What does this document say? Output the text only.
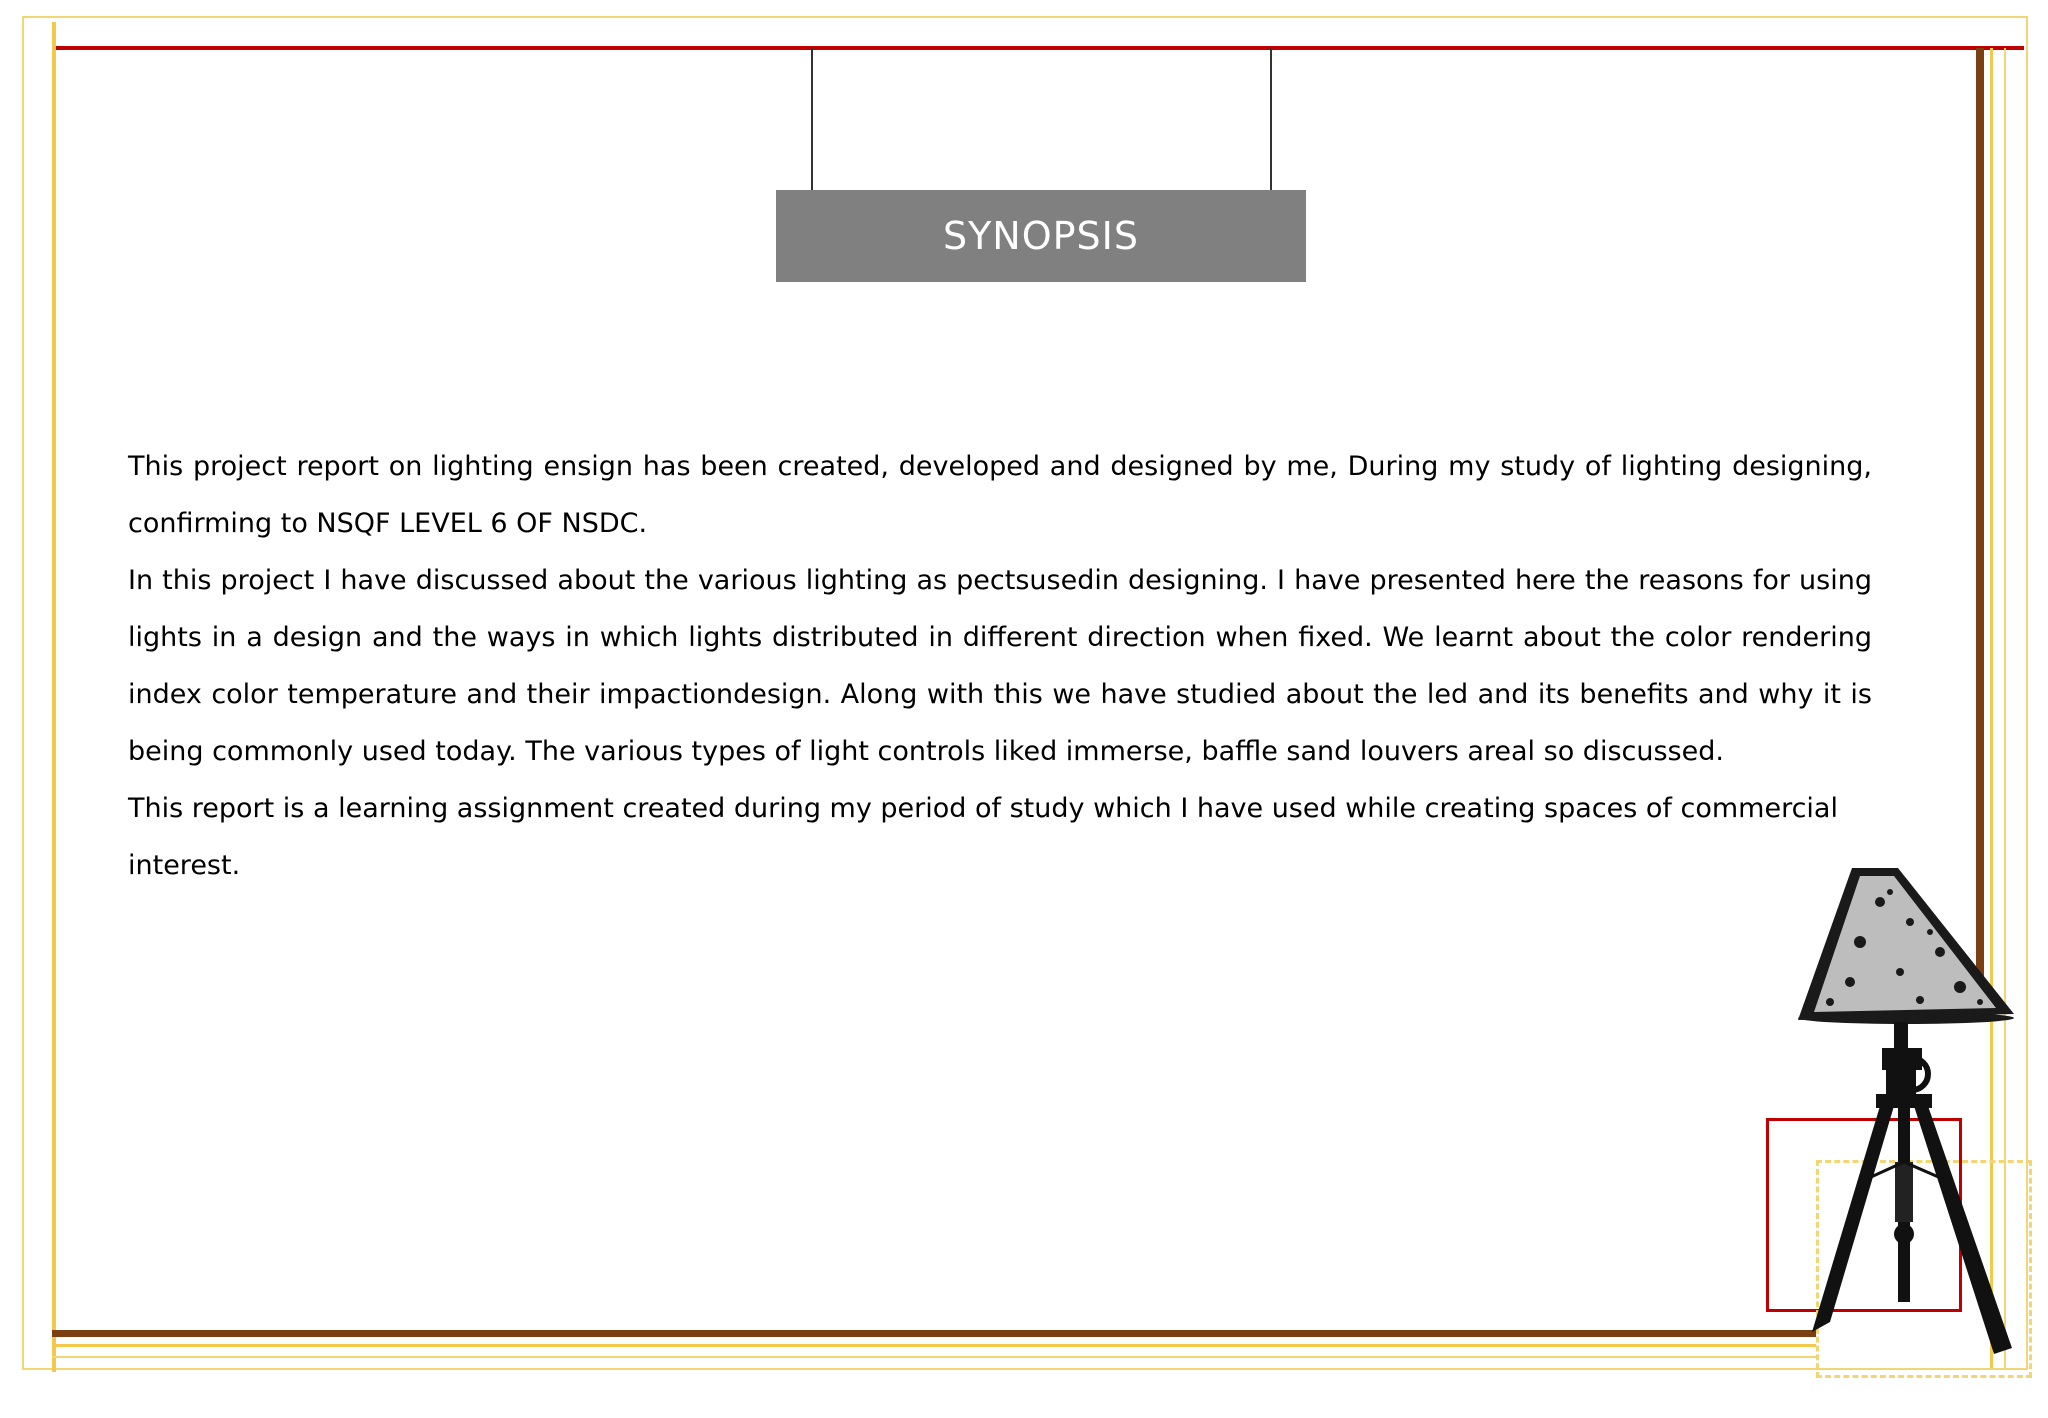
SYNOPSIS

This project report on lighting ensign has been created, developed and designed by me, During my study of lighting designing, confirming to NSQF LEVEL 6 OF NSDC.

In this project I have discussed about the various lighting as pectsusedin designing. I have presented here the reasons for using lights in a design and the ways in which lights distributed in different direction when fixed. We learnt about the color rendering index color temperature and their impactiondesign. Along with this we have studied about the led and its benefits and why it is being commonly used today. The various types of light controls liked immerse, baffle sand louvers areal so discussed.

This report is a learning assignment created during my period of study which I have used while creating spaces of commercial interest.
